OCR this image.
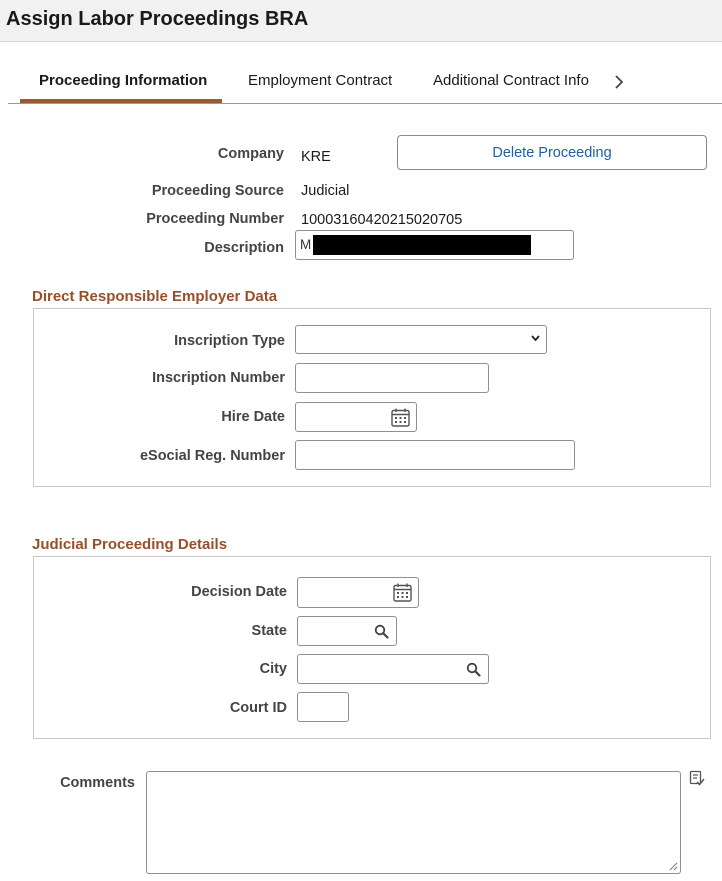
Assign Labor Proceedings BRA
Proceeding Information	Employment Contract	Additional Contract Info
Company KRE	Delete Proceeding
Proceeding Source Judicial
Proceeding Number 10003160420215020705
Description M
Direct Responsible Employer Data
Inscription Type
Inscription Number
Hire Date
eSocial Reg. Number
Judicial Proceeding Details
Decision Date
State
City
Court ID
Comments
